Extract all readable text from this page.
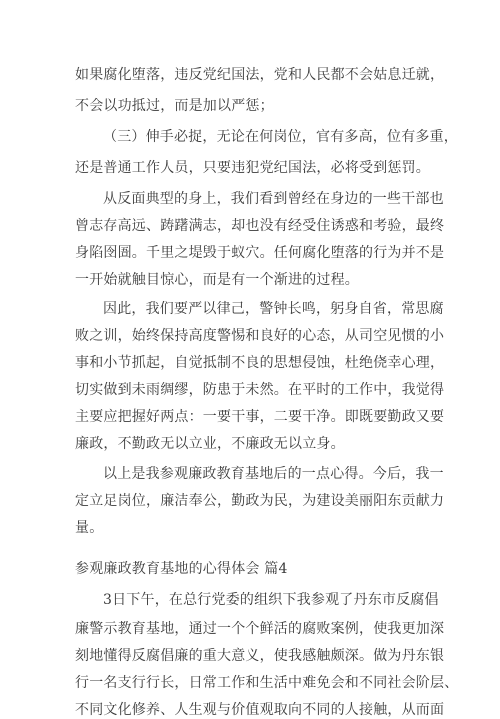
如果腐化堕落，违反党纪国法，党和人民都不会姑息迁就，
不会以功抵过，而是加以严惩；
（三）伸手必捉，无论在何岗位，官有多高，位有多重，
还是普通工作人员，只要违犯党纪国法，必将受到惩罚。
从反面典型的身上，我们看到曾经在身边的一些干部也
曾志存高远、踌躇满志，却也没有经受住诱惑和考验，最终
身陷囹圄。千里之堤毁于蚁穴。任何腐化堕落的行为并不是
一开始就触目惊心，而是有一个渐进的过程。
因此，我们要严以律己，警钟长鸣，躬身自省，常思腐
败之训，始终保持高度警惕和良好的心态，从司空见惯的小
事和小节抓起，自觉抵制不良的思想侵蚀，杜绝侥幸心理，
切实做到未雨绸缪，防患于未然。在平时的工作中，我觉得
主要应把握好两点：一要干事，二要干净。即既要勤政又要
廉政，不勤政无以立业，不廉政无以立身。
以上是我参观廉政教育基地后的一点心得。今后，我一
定立足岗位，廉洁奉公，勤政为民，为建设美丽阳东贡献力
量。
参观廉政教育基地的心得体会 篇4
3日下午，在总行党委的组织下我参观了丹东市反腐倡
廉警示教育基地，通过一个个鲜活的腐败案例，使我更加深
刻地懂得反腐倡廉的重大意义，使我感触颇深。做为丹东银
行一名支行行长，日常工作和生活中难免会和不同社会阶层、
不同文化修养、人生观与价值观取向不同的人接触，从而面
